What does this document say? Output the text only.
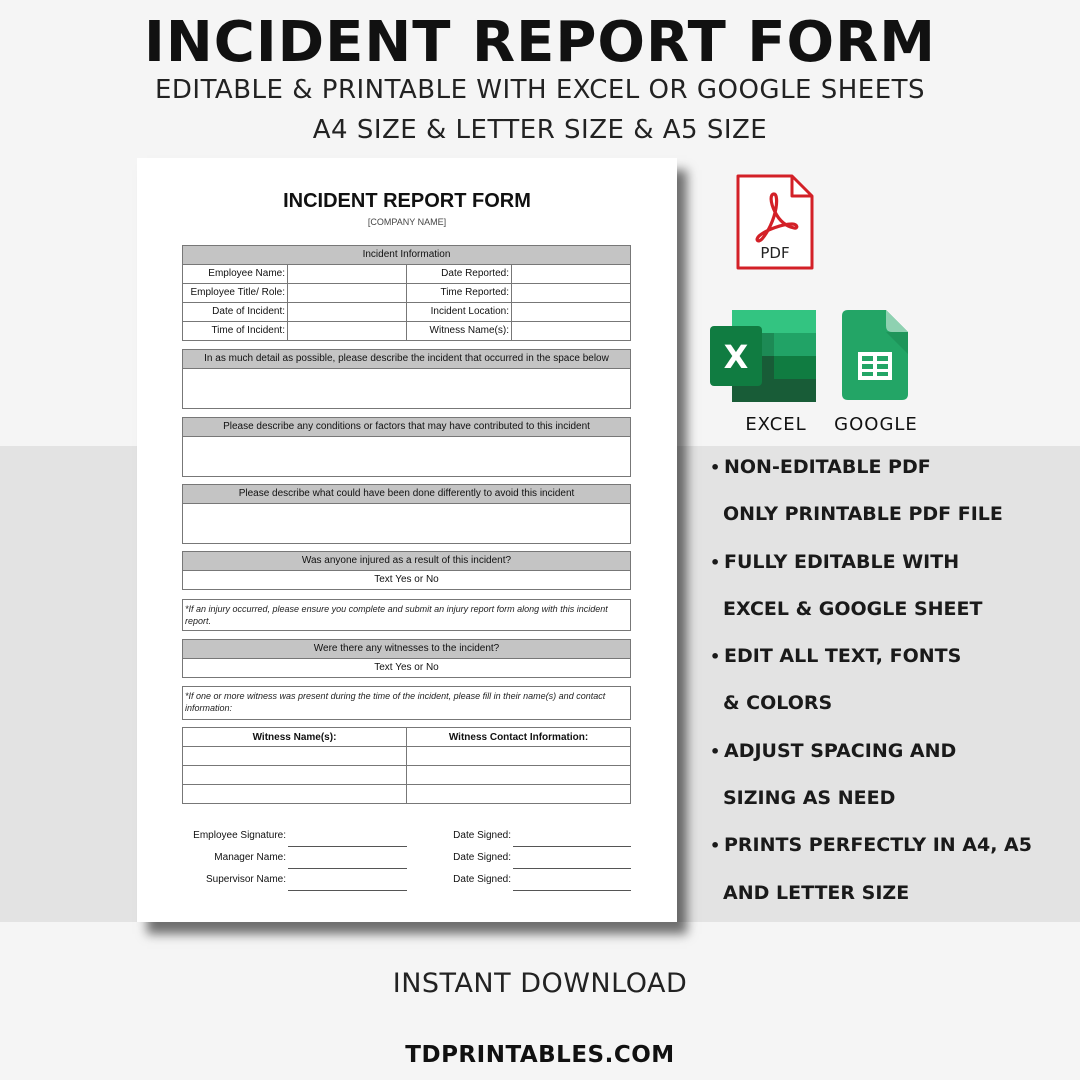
INCIDENT REPORT FORM
EDITABLE & PRINTABLE WITH EXCEL OR GOOGLE SHEETS
A4 SIZE & LETTER SIZE & A5 SIZE
INCIDENT REPORT FORM
[COMPANY NAME]
Incident Information
Employee Name:	Date Reported:
Employee Title/ Role:	Time Reported:
Date of Incident:	Incident Location:
Time of Incident:	Witness Name(s):
In as much detail as possible, please describe the incident that occurred in the space below
Please describe any conditions or factors that may have contributed to this incident
Please describe what could have been done differently to avoid this incident
Was anyone injured as a result of this incident?
Text Yes or No
*If an injury occurred, please ensure you complete and submit an injury report form along with this incident report.
Were there any witnesses to the incident?
Text Yes or No
*If one or more witness was present during the time of the incident, please fill in their name(s) and contact information:
Witness Name(s):	Witness Contact Information:
Employee Signature:	Date Signed:
Manager Name:	Date Signed:
Supervisor Name:	Date Signed:
PDF
X
EXCEL	GOOGLE
• NON-EDITABLE PDF
ONLY PRINTABLE PDF FILE
• FULLY EDITABLE WITH
EXCEL & GOOGLE SHEET
• EDIT ALL TEXT, FONTS
& COLORS
• ADJUST SPACING AND
SIZING AS NEED
• PRINTS PERFECTLY IN A4, A5
AND LETTER SIZE
INSTANT DOWNLOAD
TDPRINTABLES.COM
